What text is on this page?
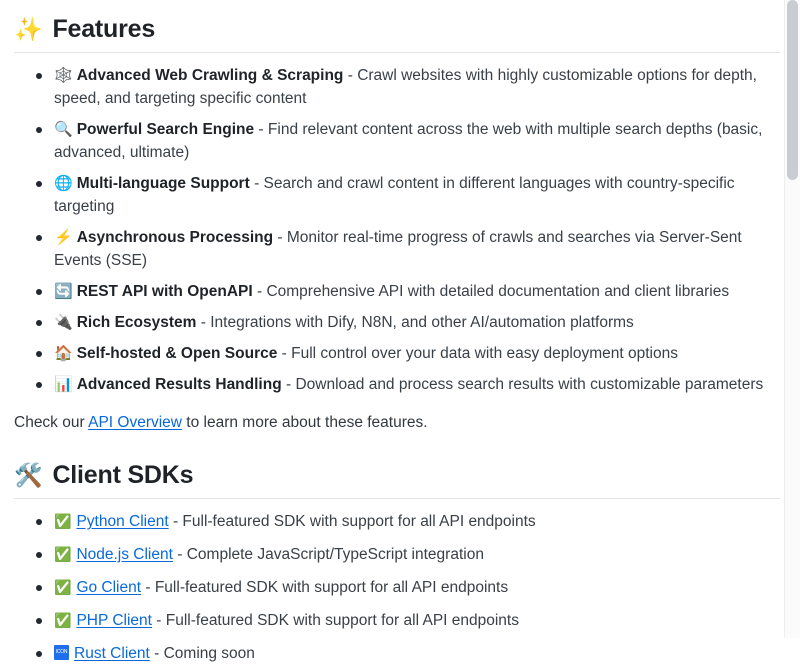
✨ Features
🕸️ Advanced Web Crawling & Scraping - Crawl websites with highly customizable options for depth, speed, and targeting specific content
🔍 Powerful Search Engine - Find relevant content across the web with multiple search depths (basic, advanced, ultimate)
🌐 Multi-language Support - Search and crawl content in different languages with country-specific targeting
⚡ Asynchronous Processing - Monitor real-time progress of crawls and searches via Server-Sent Events (SSE)
🔄 REST API with OpenAPI - Comprehensive API with detailed documentation and client libraries
🔌 Rich Ecosystem - Integrations with Dify, N8N, and other AI/automation platforms
🏠 Self-hosted & Open Source - Full control over your data with easy deployment options
📊 Advanced Results Handling - Download and process search results with customizable parameters

Check our API Overview to learn more about these features.

🛠️ Client SDKs
✅ Python Client - Full-featured SDK with support for all API endpoints
✅ Node.js Client - Complete JavaScript/TypeScript integration
✅ Go Client - Full-featured SDK with support for all API endpoints
✅ PHP Client - Full-featured SDK with support for all API endpoints
ICON Rust Client - Coming soon
